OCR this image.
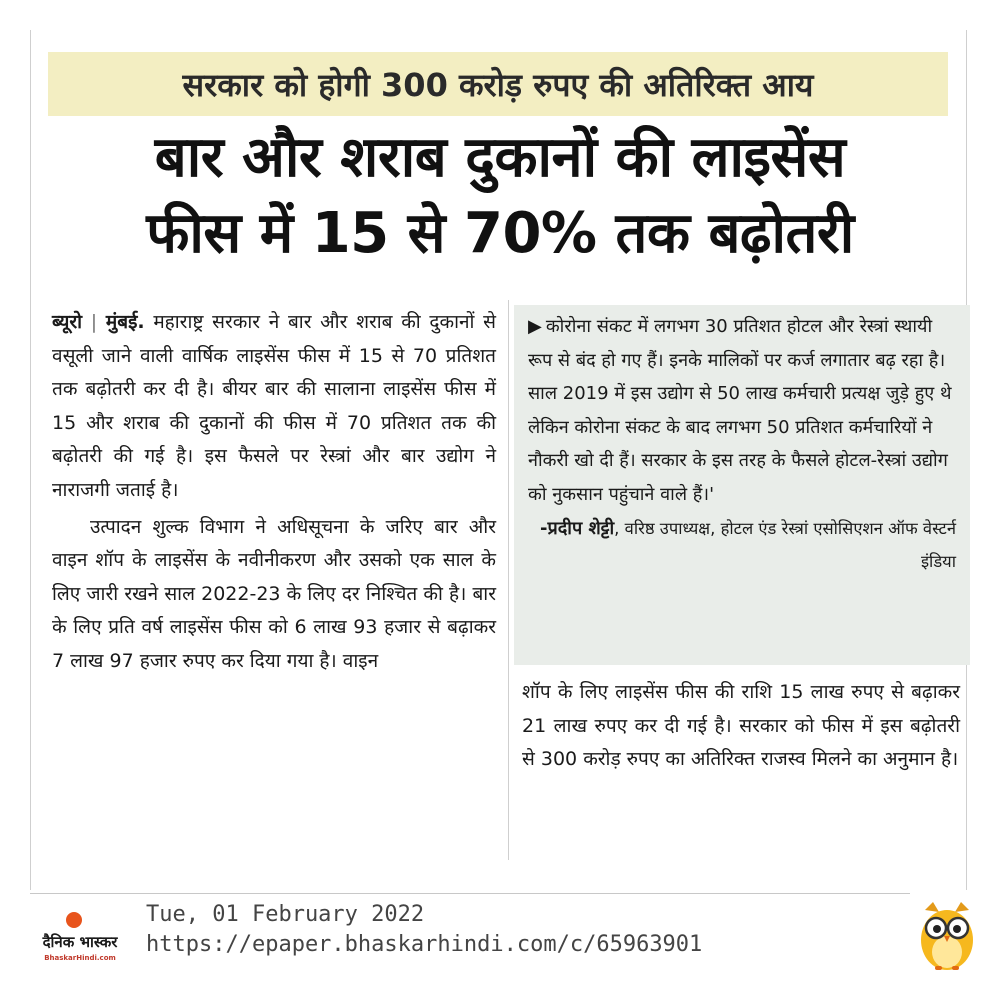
सरकार को होगी 300 करोड़ रुपए की अतिरिक्त आय
बार और शराब दुकानों की लाइसेंस
फीस में 15 से 70% तक बढ़ोतरी

ब्यूरो | मुंबई. महाराष्ट्र सरकार ने बार और शराब की दुकानों से वसूली जाने वाली वार्षिक लाइसेंस फीस में 15 से 70 प्रतिशत तक बढ़ोतरी कर दी है। बीयर बार की सालाना लाइसेंस फीस में 15 और शराब की दुकानों की फीस में 70 प्रतिशत तक की बढ़ोतरी की गई है। इस फैसले पर रेस्त्रां और बार उद्योग ने नाराजगी जताई है।

उत्पादन शुल्क विभाग ने अधिसूचना के जरिए बार और वाइन शॉप के लाइसेंस के नवीनीकरण और उसको एक साल के लिए जारी रखने साल 2022-23 के लिए दर निश्चित की है। बार के लिए प्रति वर्ष लाइसेंस फीस को 6 लाख 93 हजार से बढ़ाकर 7 लाख 97 हजार रुपए कर दिया गया है। वाइन

▶ कोरोना संकट में लगभग 30 प्रतिशत होटल और रेस्त्रां स्थायी रूप से बंद हो गए हैं। इनके मालिकों पर कर्ज लगातार बढ़ रहा है। साल 2019 में इस उद्योग से 50 लाख कर्मचारी प्रत्यक्ष जुड़े हुए थे लेकिन कोरोना संकट के बाद लगभग 50 प्रतिशत कर्मचारियों ने नौकरी खो दी हैं। सरकार के इस तरह के फैसले होटल-रेस्त्रां उद्योग को नुकसान पहुंचाने वाले हैं।'
-प्रदीप शेट्टी, वरिष्ठ उपाध्यक्ष, होटल एंड रेस्त्रां एसोसिएशन ऑफ वेस्टर्न इंडिया

शॉप के लिए लाइसेंस फीस की राशि 15 लाख रुपए से बढ़ाकर 21 लाख रुपए कर दी गई है। सरकार को फीस में इस बढ़ोतरी से 300 करोड़ रुपए का अतिरिक्त राजस्व मिलने का अनुमान है।

दैनिक भास्कर
BhaskarHindi.com
Tue, 01 February 2022
https://epaper.bhaskarhindi.com/c/65963901
